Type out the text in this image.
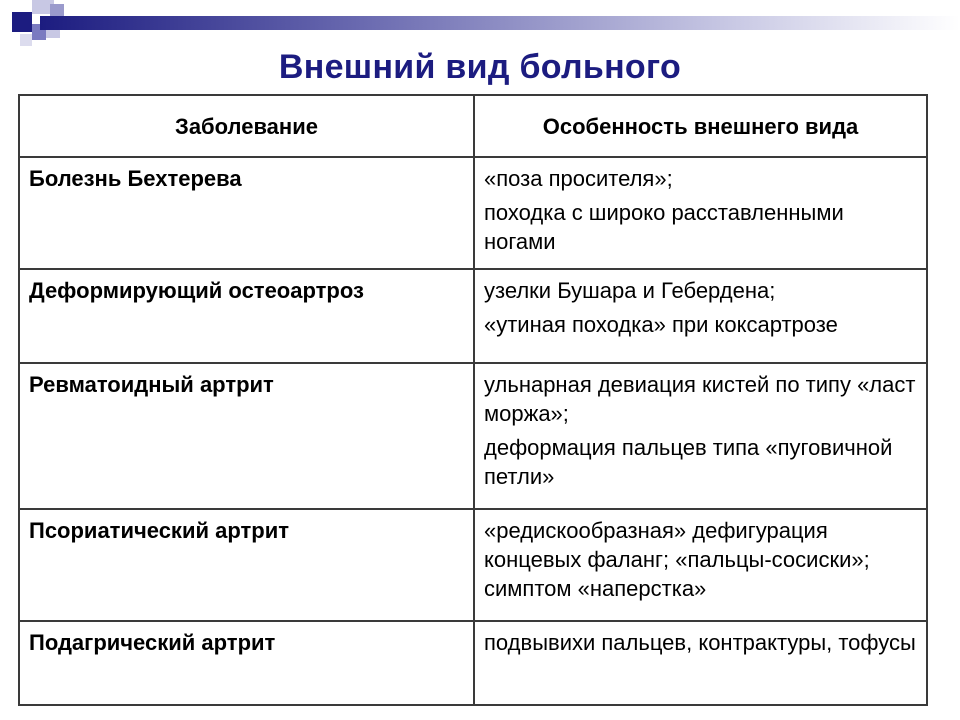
Внешний вид больного
Заболевание	Особенность внешнего вида
Болезнь Бехтерева	«поза просителя»;
походка с широко расставленными ногами

Деформирующий остеоартроз	узелки Бушара и Гебердена;
«утиная походка» при коксартрозе

Ревматоидный артрит	ульнарная девиация кистей по типу «ласт моржа»;
деформация пальцев типа «пуговичной петли»

Псориатический артрит	«редискообразная» дефигурация концевых фаланг; «пальцы-сосиски»; симптом «наперстка»

Подагрический артрит	подвывихи пальцев, контрактуры, тофусы
